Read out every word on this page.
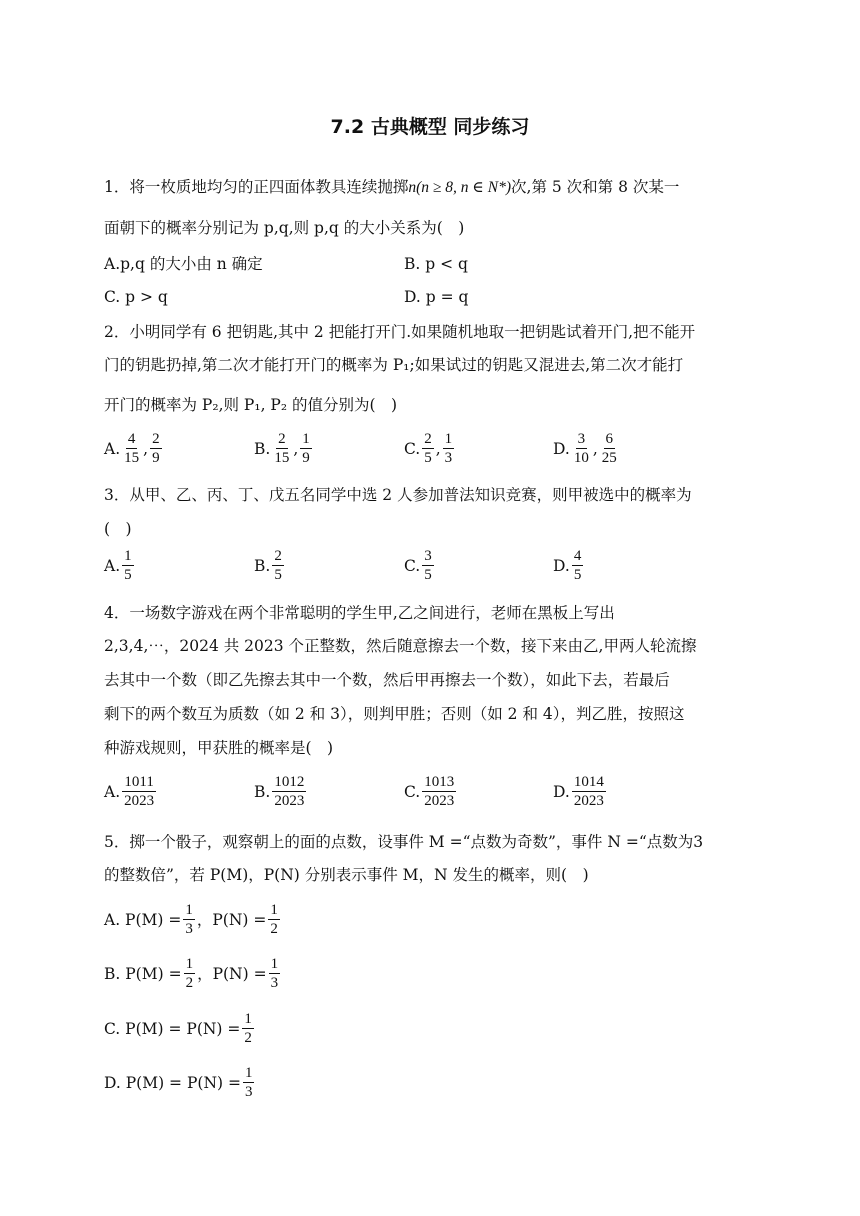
7.2 古典概型 同步练习
1．将一枚质地均匀的正四面体教具连续抛掷n(n ≥ 8, n ∈ N*)次,第 5 次和第 8 次某一
面朝下的概率分别记为 p,q,则 p,q 的大小关系为(　)
A.p,q 的大小由 n 确定	B. p < q
C. p > q	D. p = q
2．小明同学有 6 把钥匙,其中 2 把能打开门.如果随机地取一把钥匙试着开门,把不能开
门的钥匙扔掉,第二次才能打开门的概率为 P₁;如果试过的钥匙又混进去,第二次才能打
开门的概率为 P₂,则 P₁, P₂ 的值分别为(　)
A. $\frac{4}{15}$ , $\frac{2}{9}$	B. $\frac{2}{15}$ , $\frac{1}{9}$	C. $\frac{2}{5}$ , $\frac{1}{3}$	D. $\frac{3}{10}$ , $\frac{6}{25}$
3．从甲、乙、丙、丁、戊五名同学中选 2 人参加普法知识竞赛，则甲被选中的概率为
(　)
A. $\frac{1}{5}$	B. $\frac{2}{5}$	C. $\frac{3}{5}$	D. $\frac{4}{5}$
4．一场数字游戏在两个非常聪明的学生甲,乙之间进行，老师在黑板上写出
2,3,4,⋯，2024 共 2023 个正整数，然后随意擦去一个数，接下来由乙,甲两人轮流擦
去其中一个数（即乙先擦去其中一个数，然后甲再擦去一个数），如此下去，若最后
剩下的两个数互为质数（如 2 和 3），则判甲胜；否则（如 2 和 4），判乙胜，按照这
种游戏规则，甲获胜的概率是(　)
A. $\frac{1011}{2023}$	B. $\frac{1012}{2023}$	C. $\frac{1013}{2023}$	D. $\frac{1014}{2023}$
5．掷一个骰子，观察朝上的面的点数，设事件 M =“点数为奇数”，事件 N =“点数为3
的整数倍”，若 P(M)，P(N) 分别表示事件 M，N 发生的概率，则(　)
A. $P(M) = \frac{1}{3}$ ，$P(N) = \frac{1}{2}$
B. $P(M) = \frac{1}{2}$ ，$P(N) = \frac{1}{3}$
C. $P(M) = P(N) = \frac{1}{2}$
D. $P(M) = P(N) = \frac{1}{3}$
